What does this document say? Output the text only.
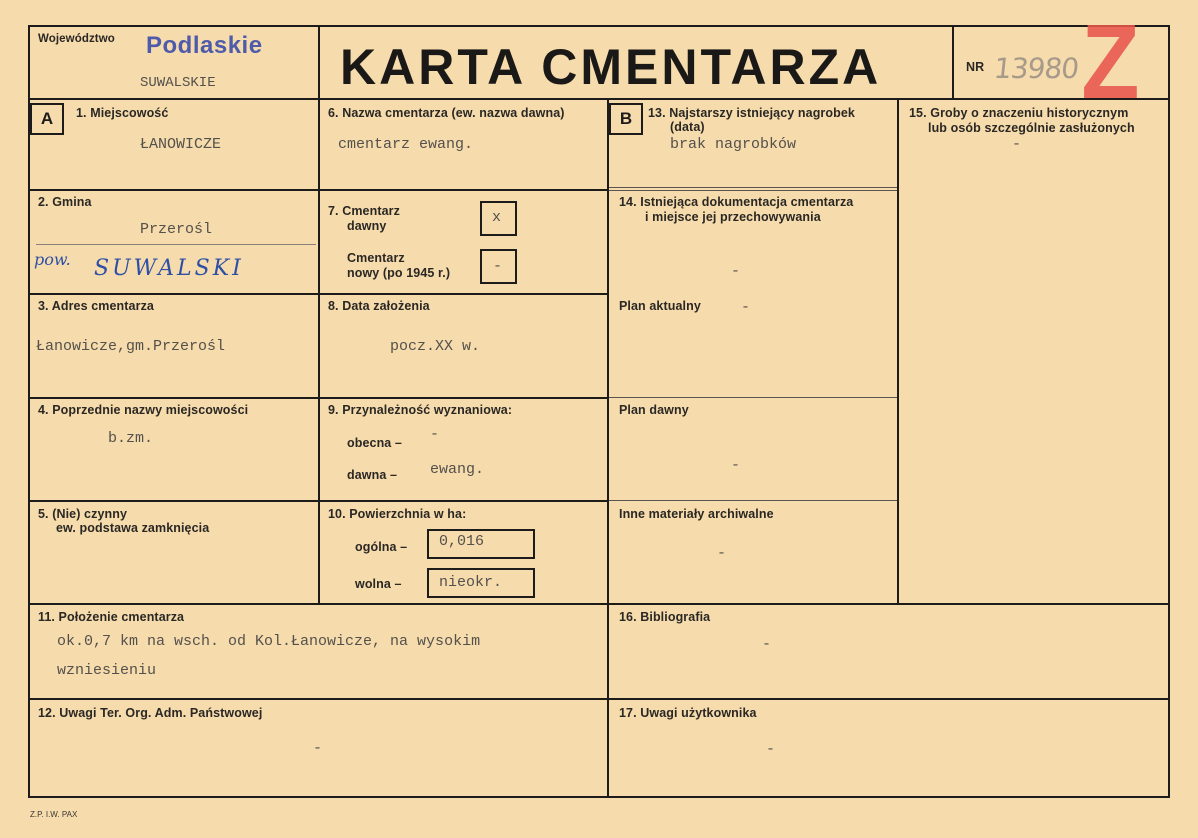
Województwo Podlaskie
SUWALSKIE KARTA CMENTARZA	NR 13980 Z
A	B
1. Miejscowość
ŁANOWICZE
2. Gmina
Przerośl
pow. SUWALSKI
3. Adres cmentarza
Łanowicze,gm.Przerośl
4. Poprzednie nazwy miejscowości
b.zm.
5. (Nie) czynny
ew. podstawa zamknięcia
6. Nazwa cmentarza (ew. nazwa dawna)
cmentarz ewang.
7. Cmentarz
dawny	x
Cmentarz
nowy (po 1945 r.)	-
8. Data założenia
pocz.XX w.
9. Przynależność wyznaniowa:
obecna – -
dawna – ewang.
10. Powierzchnia w ha:
ogólna – 0,016
wolna – nieokr.
11. Położenie cmentarza
ok.0,7 km na wsch. od Kol.Łanowicze, na wysokim
wzniesieniu
12. Uwagi Ter. Org. Adm. Państwowej
-
13. Najstarszy istniejący nagrobek
(data)
brak nagrobków
14. Istniejąca dokumentacja cmentarza
i miejsce jej przechowywania
-
Plan aktualny	-
Plan dawny
-
Inne materiały archiwalne
-
15. Groby o znaczeniu historycznym
lub osób szczególnie zasłużonych
-
16. Bibliografia
-
17. Uwagi użytkownika
-
Z.P. I.W. PAX
